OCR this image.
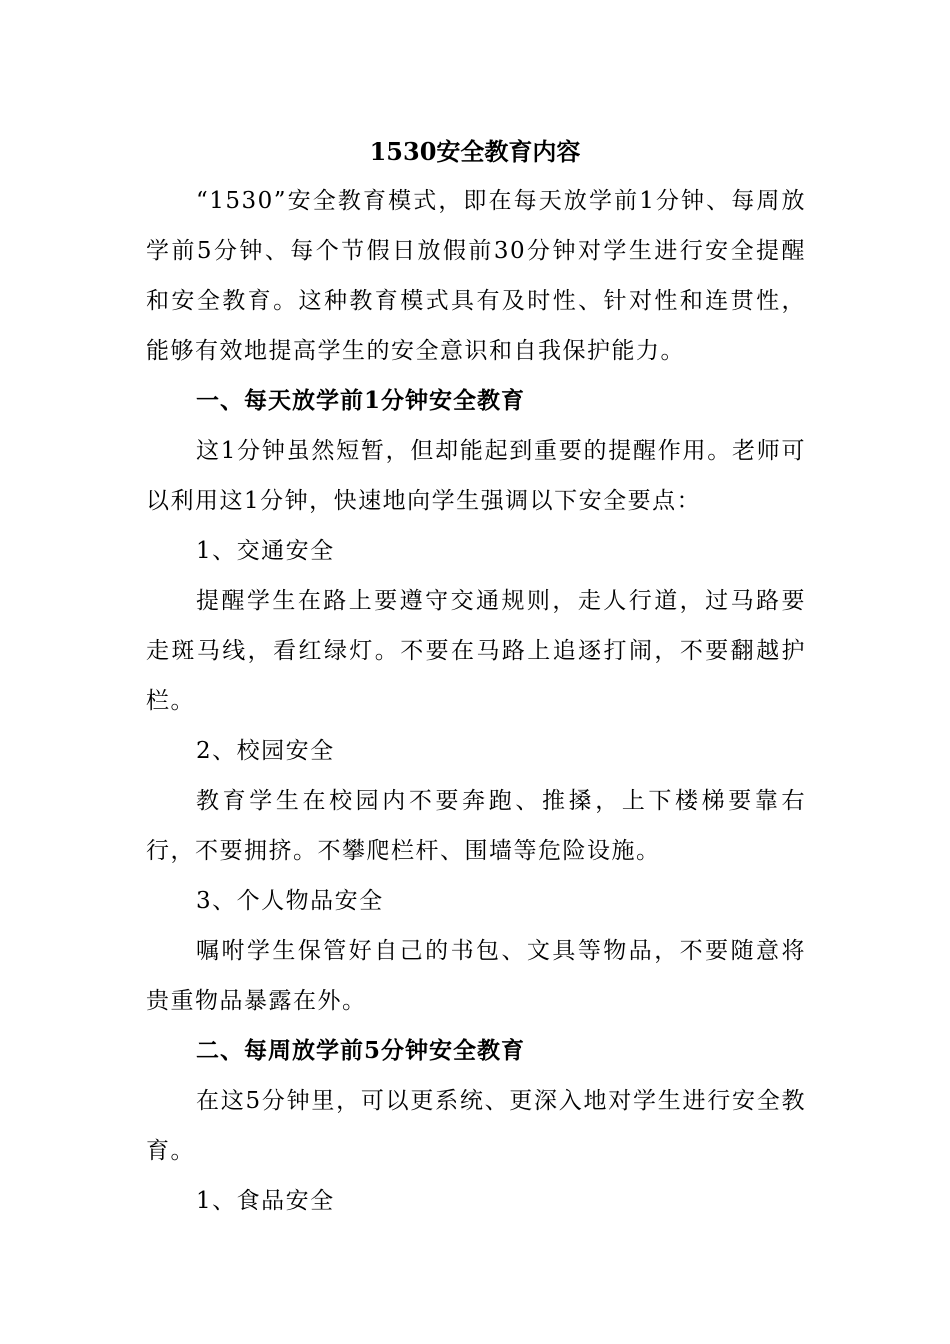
1530安全教育内容

“1530”安全教育模式，即在每天放学前1分钟、每周放学前5分钟、每个节假日放假前30分钟对学生进行安全提醒和安全教育。这种教育模式具有及时性、针对性和连贯性，能够有效地提高学生的安全意识和自我保护能力。

一、每天放学前1分钟安全教育

这1分钟虽然短暂，但却能起到重要的提醒作用。老师可以利用这1分钟，快速地向学生强调以下安全要点：

1、交通安全

提醒学生在路上要遵守交通规则，走人行道，过马路要走斑马线，看红绿灯。不要在马路上追逐打闹，不要翻越护栏。

2、校园安全

教育学生在校园内不要奔跑、推搡，上下楼梯要靠右行，不要拥挤。不攀爬栏杆、围墙等危险设施。

3、个人物品安全

嘱咐学生保管好自己的书包、文具等物品，不要随意将贵重物品暴露在外。

二、每周放学前5分钟安全教育

在这5分钟里，可以更系统、更深入地对学生进行安全教育。

1、食品安全
